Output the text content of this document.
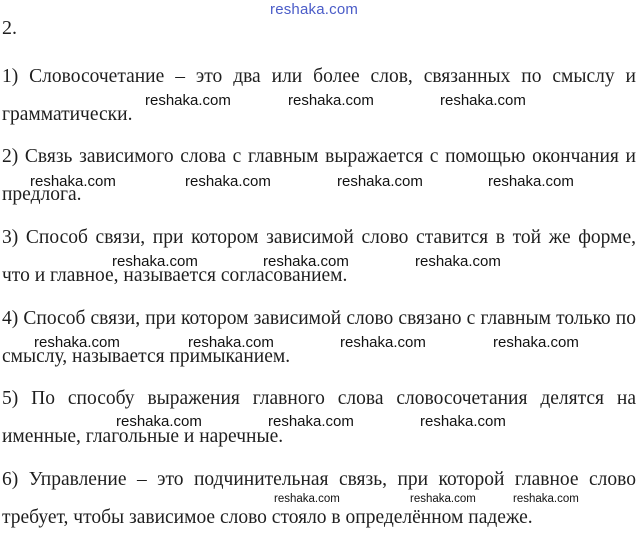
reshaka.com
2.
1) Словосочетание – это два или более слов, связанных по смыслу и грамматически.
2) Связь зависимого слова с главным выражается с помощью окончания и предлога.
3) Способ связи, при котором зависимой слово ставится в той же форме, что и главное, называется согласованием.
4) Способ связи, при котором зависимой слово связано с главным только по смыслу, называется примыканием.
5) По способу выражения главного слова словосочетания делятся на именные, глагольные и наречные.
6) Управление – это подчинительная связь, при которой главное слово требует, чтобы зависимое слово стояло в определённом падеже.
reshaka.com	reshaka.com	reshaka.com
reshaka.com	reshaka.com	reshaka.com	reshaka.com
reshaka.com	reshaka.com	reshaka.com
reshaka.com	reshaka.com	reshaka.com	reshaka.com
reshaka.com	reshaka.com	reshaka.com
reshaka.com	reshaka.com	reshaka.com
